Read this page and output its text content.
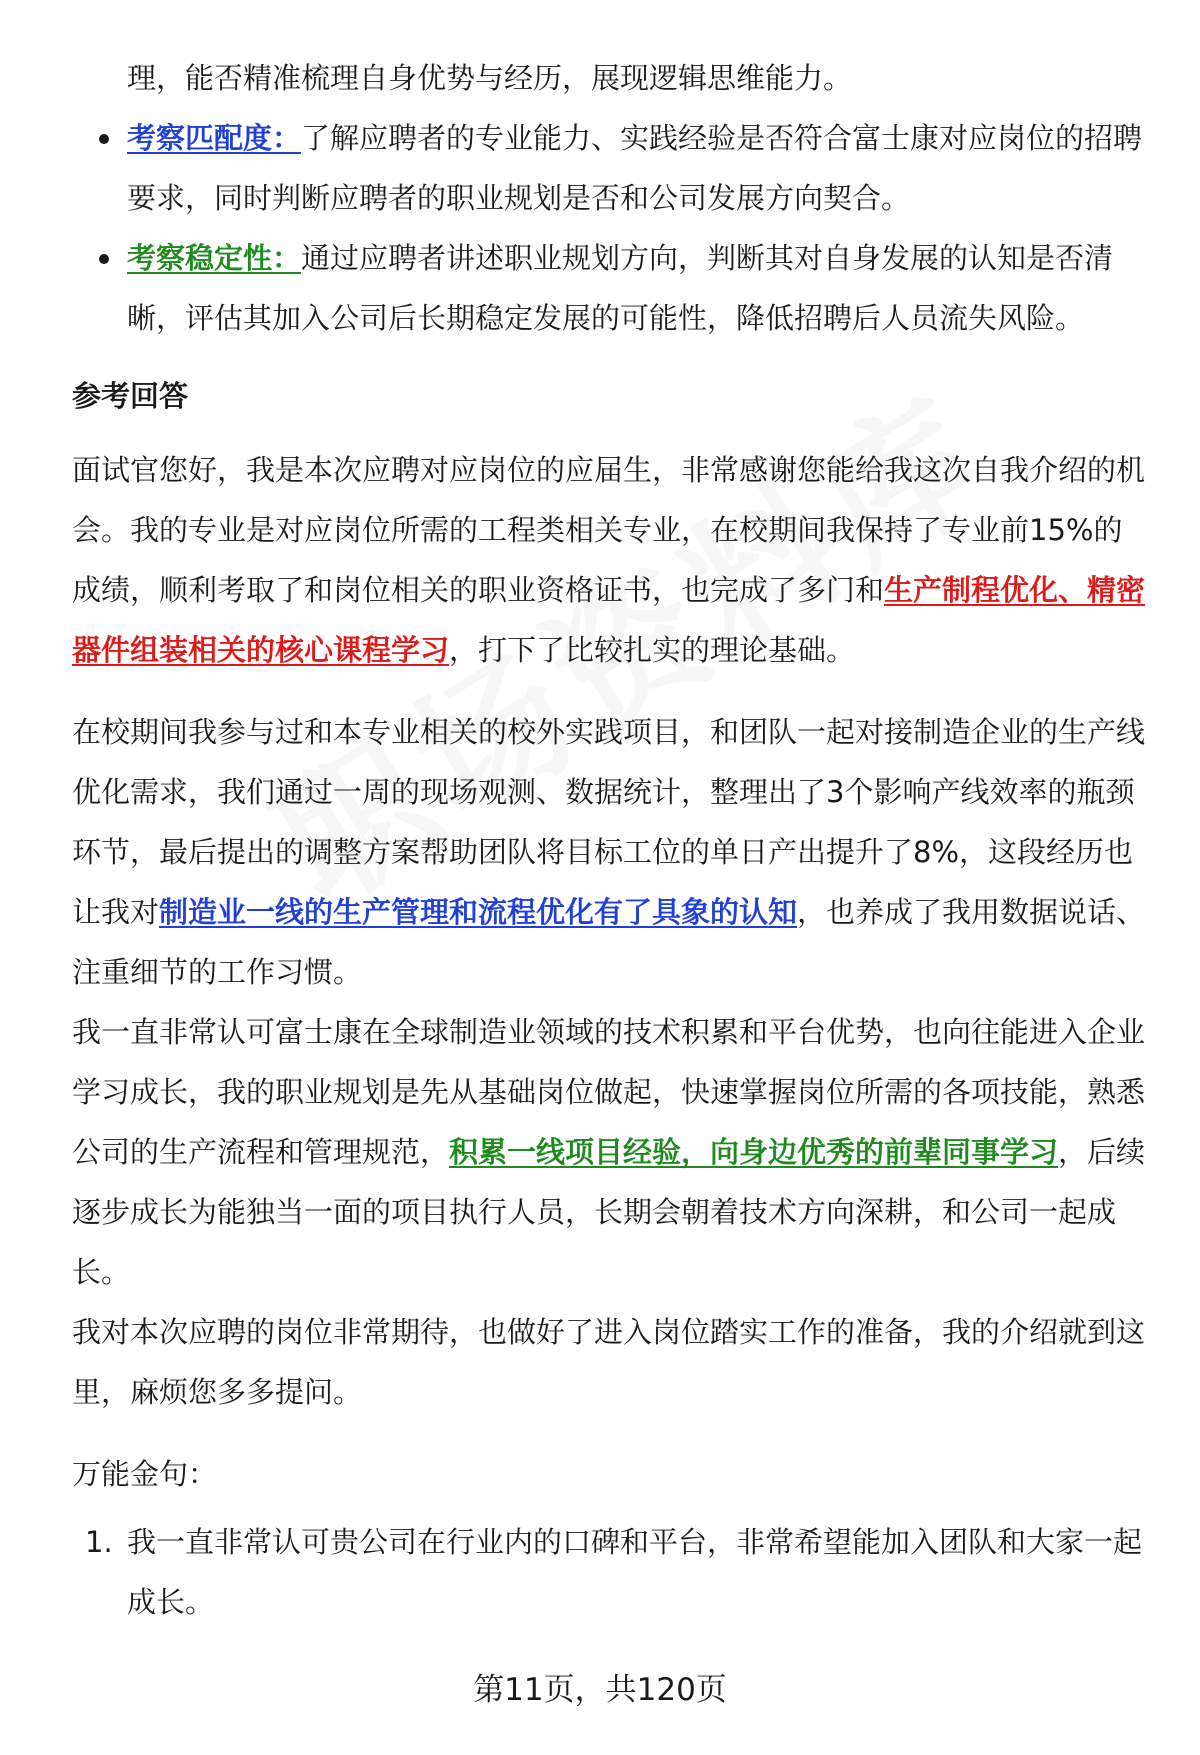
理，能否精准梳理自身优势与经历，展现逻辑思维能力。

考察匹配度：了解应聘者的专业能力、实践经验是否符合富士康对应岗位的招聘要求，同时判断应聘者的职业规划是否和公司发展方向契合。
考察稳定性：通过应聘者讲述职业规划方向，判断其对自身发展的认知是否清晰，评估其加入公司后长期稳定发展的可能性，降低招聘后人员流失风险。
参考回答

面试官您好，我是本次应聘对应岗位的应届生，非常感谢您能给我这次自我介绍的机会。我的专业是对应岗位所需的工程类相关专业，在校期间我保持了专业前15%的成绩，顺利考取了和岗位相关的职业资格证书，也完成了多门和生产制程优化、精密器件组装相关的核心课程学习，打下了比较扎实的理论基础。

在校期间我参与过和本专业相关的校外实践项目，和团队一起对接制造企业的生产线优化需求，我们通过一周的现场观测、数据统计，整理出了3个影响产线效率的瓶颈环节，最后提出的调整方案帮助团队将目标工位的单日产出提升了8%，这段经历也让我对制造业一线的生产管理和流程优化有了具象的认知，也养成了我用数据说话、注重细节的工作习惯。

我一直非常认可富士康在全球制造业领域的技术积累和平台优势，也向往能进入企业学习成长，我的职业规划是先从基础岗位做起，快速掌握岗位所需的各项技能，熟悉公司的生产流程和管理规范，积累一线项目经验，向身边优秀的前辈同事学习，后续逐步成长为能独当一面的项目执行人员，长期会朝着技术方向深耕，和公司一起成长。

我对本次应聘的岗位非常期待，也做好了进入岗位踏实工作的准备，我的介绍就到这里，麻烦您多多提问。

万能金句：

1. 我一直非常认可贵公司在行业内的口碑和平台，非常希望能加入团队和大家一起成长。
第11页，共120页
